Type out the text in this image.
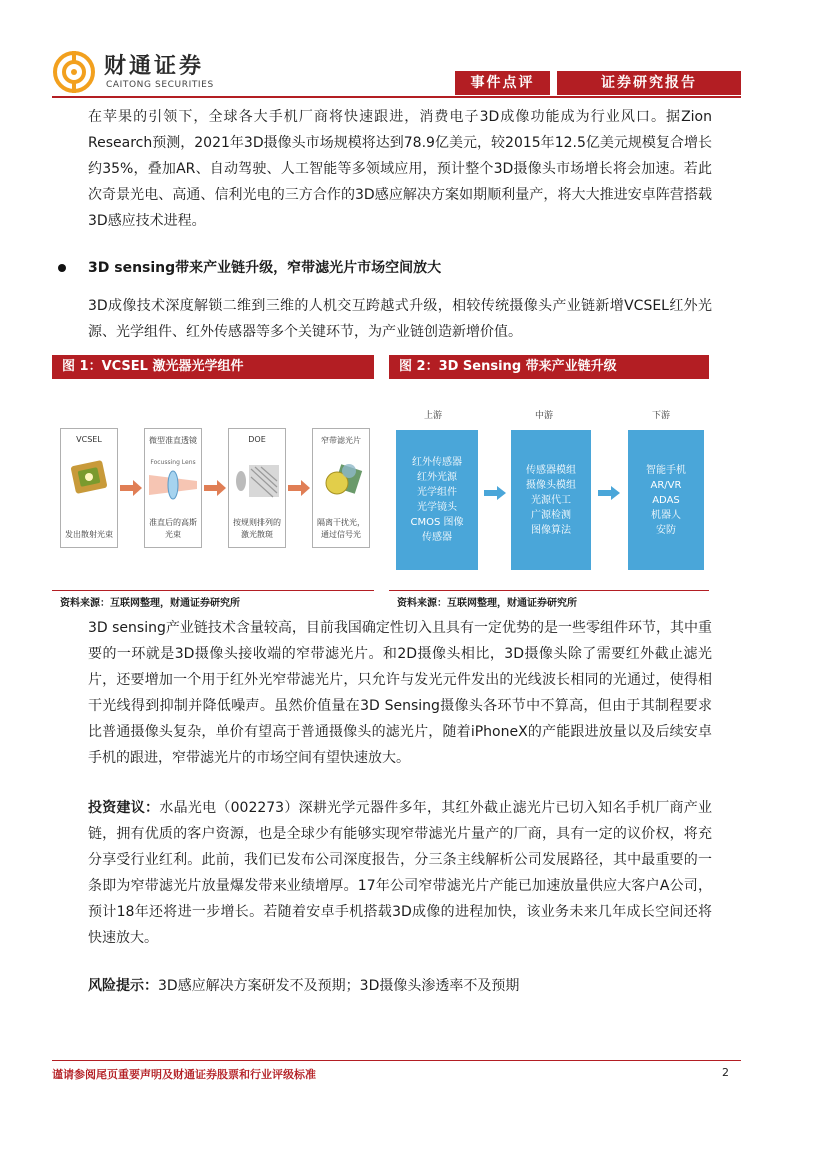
财通证券
CAITONG SECURITIES	事件点评	证券研究报告
在苹果的引领下，全球各大手机厂商将快速跟进，消费电子3D成像功能成为行业风口。据Zion Research预测，2021年3D摄像头市场规模将达到78.9亿美元，较2015年12.5亿美元规模复合增长约35%，叠加AR、自动驾驶、人工智能等多领域应用，预计整个3D摄像头市场增长将会加速。若此次奇景光电、高通、信利光电的三方合作的3D感应解决方案如期顺利量产，将大大推进安卓阵营搭载3D感应技术进程。
3D sensing带来产业链升级，窄带滤光片市场空间放大
3D成像技术深度解锁二维到三维的人机交互跨越式升级，相较传统摄像头产业链新增VCSEL红外光源、光学组件、红外传感器等多个关键环节，为产业链创造新增价值。
图 1：VCSEL 激光器光学组件
VCSEL
发出散射光束
微型准直透镜
Focussing Lens
准直后的高斯光束
DOE
按规则排列的激光散斑
窄带滤光片
隔离干扰光，通过信号光
资料来源：互联网整理，财通证券研究所
图 2：3D Sensing 带来产业链升级
上游	中游	下游
红外传感器
红外光源
光学组件
光学镜头
CMOS 图像
传感器
传感器模组
摄像头模组
光源代工
广源检测
图像算法
智能手机
AR/VR
ADAS
机器人
安防
资料来源：互联网整理，财通证券研究所
3D sensing产业链技术含量较高，目前我国确定性切入且具有一定优势的是一些零组件环节，其中重要的一环就是3D摄像头接收端的窄带滤光片。和2D摄像头相比，3D摄像头除了需要红外截止滤光片，还要增加一个用于红外光窄带滤光片，只允许与发光元件发出的光线波长相同的光通过，使得相干光线得到抑制并降低噪声。虽然价值量在3D Sensing摄像头各环节中不算高，但由于其制程要求比普通摄像头复杂，单价有望高于普通摄像头的滤光片，随着iPhoneX的产能跟进放量以及后续安卓手机的跟进，窄带滤光片的市场空间有望快速放大。
投资建议：水晶光电（002273）深耕光学元器件多年，其红外截止滤光片已切入知名手机厂商产业链，拥有优质的客户资源，也是全球少有能够实现窄带滤光片量产的厂商，具有一定的议价权，将充分享受行业红利。此前，我们已发布公司深度报告，分三条主线解析公司发展路径，其中最重要的一条即为窄带滤光片放量爆发带来业绩增厚。17年公司窄带滤光片产能已加速放量供应大客户A公司，预计18年还将进一步增长。若随着安卓手机搭载3D成像的进程加快，该业务未来几年成长空间还将快速放大。
风险提示：3D感应解决方案研发不及预期；3D摄像头渗透率不及预期
谨请参阅尾页重要声明及财通证券股票和行业评级标准	2
